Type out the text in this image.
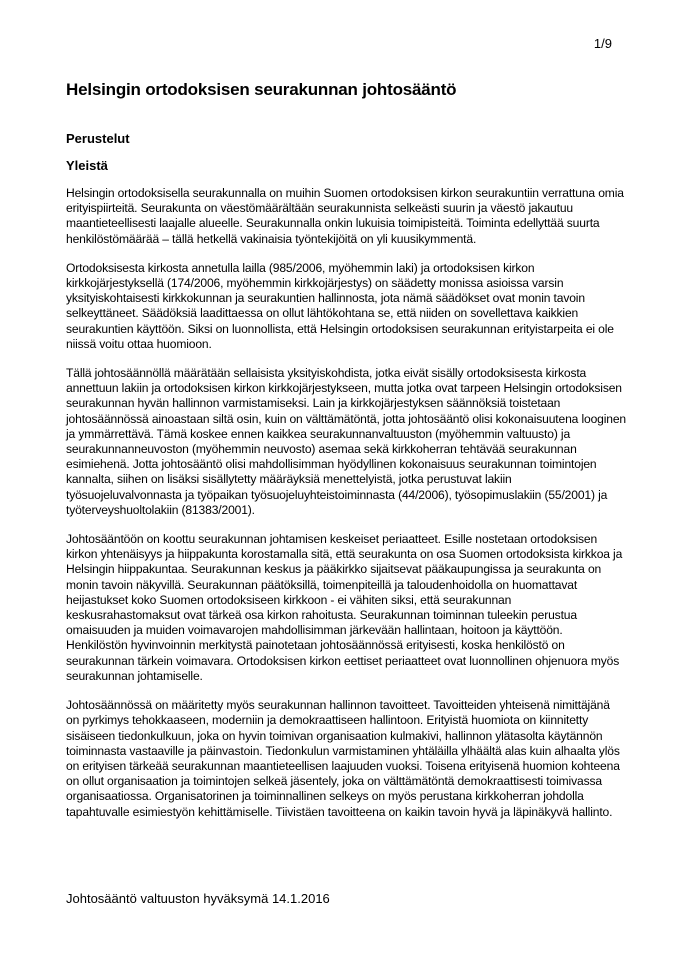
1/9
Helsingin ortodoksisen seurakunnan johtosääntö
Perustelut
Yleistä

Helsingin ortodoksisella seurakunnalla on muihin Suomen ortodoksisen kirkon seurakuntiin verrattuna omia erityispiirteitä. Seurakunta on väestömäärältään seurakunnista selkeästi suurin ja väestö jakautuu maantieteellisesti laajalle alueelle. Seurakunnalla onkin lukuisia toimipisteitä. Toiminta edellyttää suurta henkilöstömäärää – tällä hetkellä vakinaisia työntekijöitä on yli kuusikymmentä.

Ortodoksisesta kirkosta annetulla lailla (985/2006, myöhemmin laki) ja ortodoksisen kirkon kirkkojärjestyksellä (174/2006, myöhemmin kirkkojärjestys) on säädetty monissa asioissa varsin yksityiskohtaisesti kirkkokunnan ja seurakuntien hallinnosta, jota nämä säädökset ovat monin tavoin selkeyttäneet. Säädöksiä laadittaessa on ollut lähtökohtana se, että niiden on sovellettava kaikkien seurakuntien käyttöön. Siksi on luonnollista, että Helsingin ortodoksisen seurakunnan erityistarpeita ei ole niissä voitu ottaa huomioon.

Tällä johtosäännöllä määrätään sellaisista yksityiskohdista, jotka eivät sisälly ortodoksisesta kirkosta annettuun lakiin ja ortodoksisen kirkon kirkkojärjestykseen, mutta jotka ovat tarpeen Helsingin ortodoksisen seurakunnan hyvän hallinnon varmistamiseksi. Lain ja kirkkojärjestyksen säännöksiä toistetaan johtosäännössä ainoastaan siltä osin, kuin on välttämätöntä, jotta johtosääntö olisi kokonaisuutena looginen ja ymmärrettävä. Tämä koskee ennen kaikkea seurakunnanvaltuuston (myöhemmin valtuusto) ja seurakunnanneuvoston (myöhemmin neuvosto) asemaa sekä kirkkoherran tehtävää seurakunnan esimiehenä. Jotta johtosääntö olisi mahdollisimman hyödyllinen kokonaisuus seurakunnan toimintojen kannalta, siihen on lisäksi sisällytetty määräyksiä menettelyistä, jotka perustuvat lakiin työsuojeluvalvonnasta ja työpaikan työsuojeluyhteistoiminnasta (44/2006), työsopimuslakiin (55/2001) ja työterveyshuoltolakiin (81383/2001).

Johtosääntöön on koottu seurakunnan johtamisen keskeiset periaatteet. Esille nostetaan ortodoksisen kirkon yhtenäisyys ja hiippakunta korostamalla sitä, että seurakunta on osa Suomen ortodoksista kirkkoa ja Helsingin hiippakuntaa. Seurakunnan keskus ja pääkirkko sijaitsevat pääkaupungissa ja seurakunta on monin tavoin näkyvillä. Seurakunnan päätöksillä, toimenpiteillä ja taloudenhoidolla on huomattavat heijastukset koko Suomen ortodoksiseen kirkkoon - ei vähiten siksi, että seurakunnan keskusrahastomaksut ovat tärkeä osa kirkon rahoitusta. Seurakunnan toiminnan tuleekin perustua omaisuuden ja muiden voimavarojen mahdollisimman järkevään hallintaan, hoitoon ja käyttöön. Henkilöstön hyvinvoinnin merkitystä painotetaan johtosäännössä erityisesti, koska henkilöstö on seurakunnan tärkein voimavara. Ortodoksisen kirkon eettiset periaatteet ovat luonnollinen ohjenuora myös seurakunnan johtamiselle.

Johtosäännössä on määritetty myös seurakunnan hallinnon tavoitteet. Tavoitteiden yhteisenä nimittäjänä on pyrkimys tehokkaaseen, moderniin ja demokraattiseen hallintoon. Erityistä huomiota on kiinnitetty sisäiseen tiedonkulkuun, joka on hyvin toimivan organisaation kulmakivi, hallinnon ylätasolta käytännön toiminnasta vastaaville ja päinvastoin. Tiedonkulun varmistaminen yhtäläilla ylhäältä alas kuin alhaalta ylös on erityisen tärkeää seurakunnan maantieteellisen laajuuden vuoksi. Toisena erityisenä huomion kohteena on ollut organisaation ja toimintojen selkeä jäsentely, joka on välttämätöntä demokraattisesti toimivassa organisaatiossa. Organisatorinen ja toiminnallinen selkeys on myös perustana kirkkoherran johdolla tapahtuvalle esimiestyön kehittämiselle. Tiivistäen tavoitteena on kaikin tavoin hyvä ja läpinäkyvä hallinto.

Johtosääntö valtuuston hyväksymä 14.1.2016
